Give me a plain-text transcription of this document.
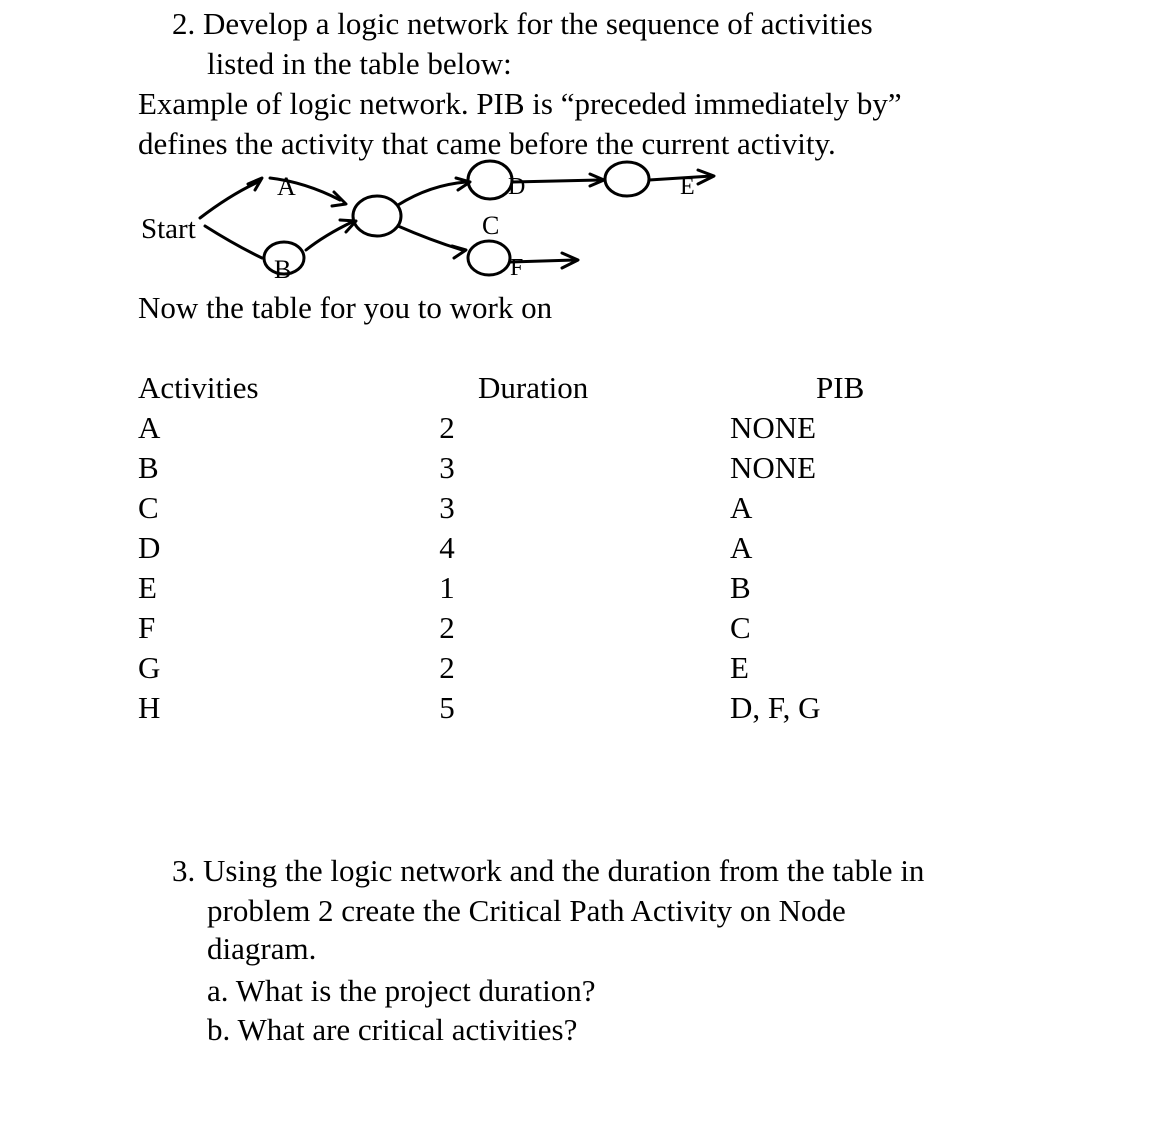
2. Develop a logic network for the sequence of activities
listed in the table below:
Example of logic network. PIB is “preceded immediately by”
defines the activity that came before the current activity.
Start
A
B
C
D	E
F
Now the table for you to work on
Activities	Duration	PIB
A	2	NONE
B	3	NONE
C	3	A
D	4	A
E	1	B
F	2	C
G	2	E
H	5	D, F, G
3. Using the logic network and the duration from the table in
problem 2 create the Critical Path Activity on Node
diagram.
a. What is the project duration?
b. What are critical activities?
